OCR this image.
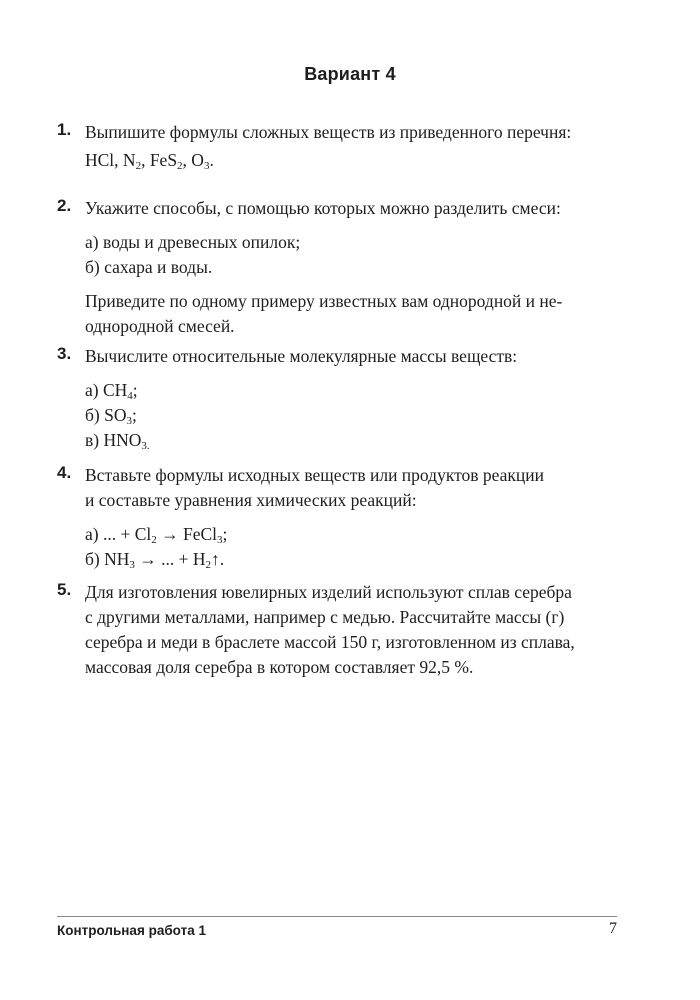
Вариант 4
1. Выпишите формулы сложных веществ из приведенного перечня:

HCl, $N_2$, FeS$_2$, $O_3$.

2. Укажите способы, с помощью которых можно разделить смеси:

а) воды и древесных опилок;

б) сахара и воды.

Приведите по одному примеру известных вам однородной и не-

однородной смесей.

3. Вычислите относительные молекулярные массы веществ:

а) $CH_4$;

б) $SO_3$;

в) $HNO_{3.}$

4. Вставьте формулы исходных веществ или продуктов реакции

и составьте уравнения химических реакций:

а) ... + $Cl_2$ → FeCl$_3$;

б) $NH_3$ → ... + $H_2↑$.

5. Для изготовления ювелирных изделий используют сплав серебра

с другими металлами, например с медью. Рассчитайте массы (г)

серебра и меди в браслете массой 150 г, изготовленном из сплава,

массовая доля серебра в котором составляет 92,5 %.

Контрольная работа 1	7
